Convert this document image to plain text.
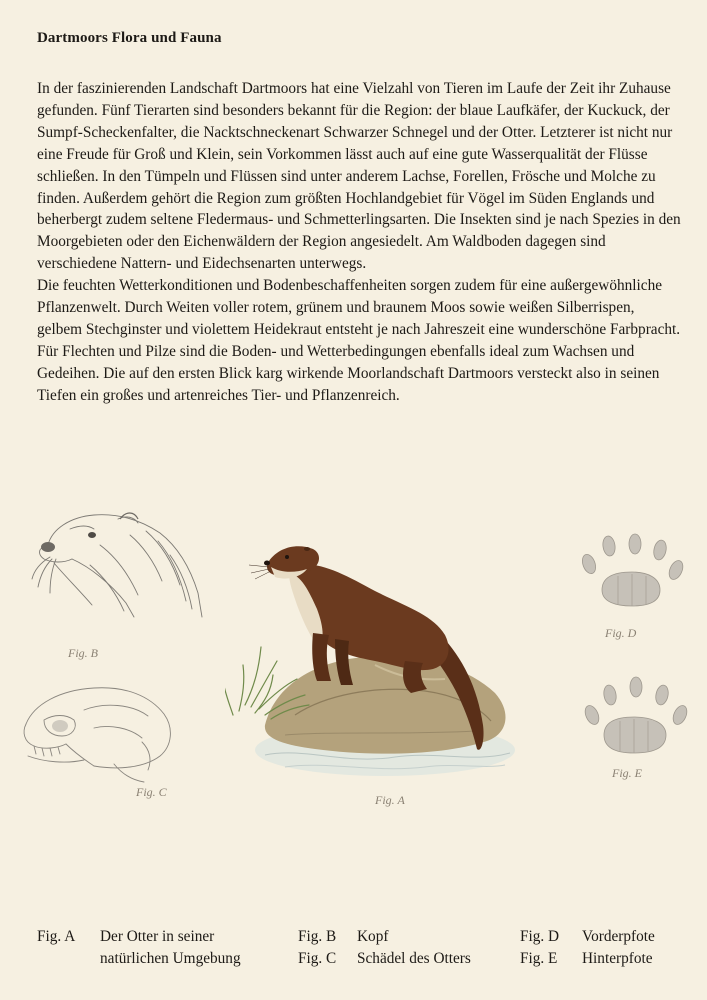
Dartmoors Flora und Fauna

In der faszinierenden Landschaft Dartmoors hat eine Vielzahl von Tieren im Laufe der Zeit ihr Zuhause gefunden. Fünf Tierarten sind besonders bekannt für die Region: der blaue Laufkäfer, der Kuckuck, der Sumpf-Scheckenfalter, die Nacktschneckenart Schwarzer Schnegel und der Otter. Letzterer ist nicht nur eine Freude für Groß und Klein, sein Vorkommen lässt auch auf eine gute Wasserqualität der Flüsse schließen. In den Tümpeln und Flüssen sind unter anderem Lachse, Forellen, Frösche und Molche zu finden. Außerdem gehört die Region zum größten Hochlandgebiet für Vögel im Süden Englands und beherbergt zudem seltene Fledermaus- und Schmetterlingsarten. Die Insekten sind je nach Spezies in den Moorgebieten oder den Eichenwäldern der Region angesiedelt. Am Waldboden dagegen sind verschiedene Nattern- und Eidechsenarten unterwegs.

Die feuchten Wetterkonditionen und Bodenbeschaffenheiten sorgen zudem für eine außergewöhnliche Pflanzenwelt. Durch Weiten voller rotem, grünem und braunem Moos sowie weißen Silberrispen, gelbem Stechginster und violettem Heidekraut entsteht je nach Jahreszeit eine wunderschöne Farbpracht. Für Flechten und Pilze sind die Boden- und Wetterbedingungen ebenfalls ideal zum Wachsen und Gedeihen. Die auf den ersten Blick karg wirkende Moorlandschaft Dartmoors versteckt also in seinen Tiefen ein großes und artenreiches Tier- und Pflanzenreich.

Fig. B
Fig. C
Fig. A
Fig. D
Fig. E
Fig. A Der Otter in seiner
natürlichen Umgebung
Fig. B Kopf
Fig. C Schädel des Otters
Fig. D Vorderpfote
Fig. E Hinterpfote
